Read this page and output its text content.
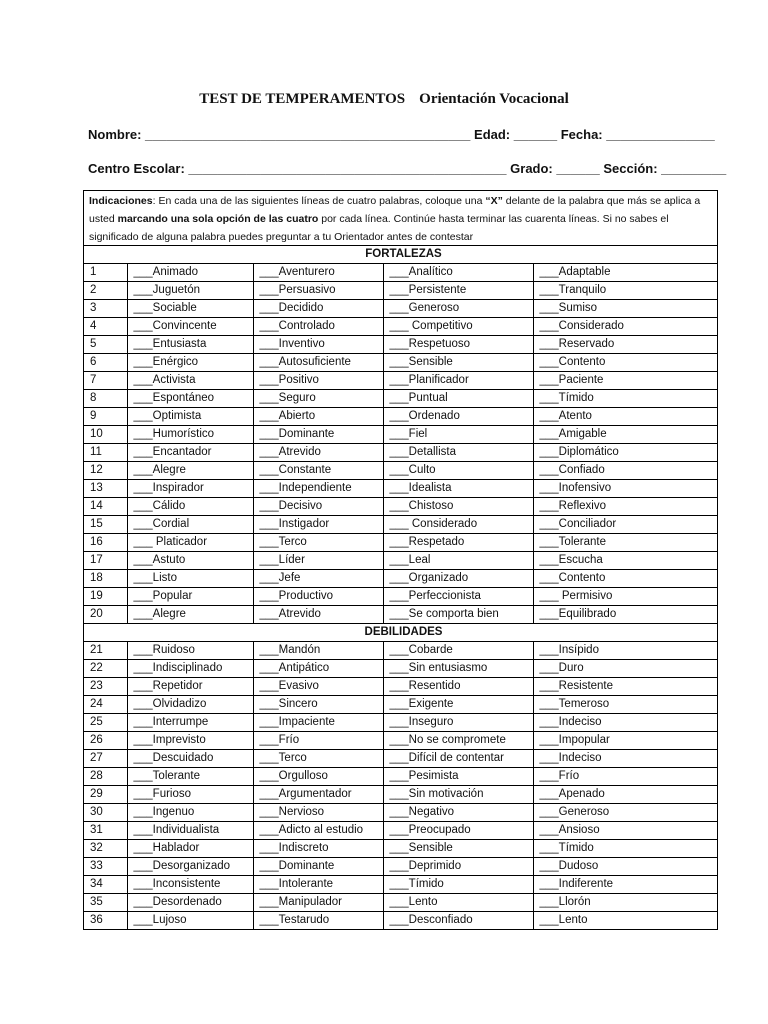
TEST DE TEMPERAMENTOS Orientación Vocacional
Nombre: _____________________________________________ Edad: ______ Fecha: _______________
Centro Escolar: ____________________________________________ Grado: ______ Sección: _________
Indicaciones: En cada una de las siguientes líneas de cuatro palabras, coloque una “X” delante de la palabra que más se aplica a usted marcando una sola opción de las cuatro por cada línea. Continúe hasta terminar las cuarenta líneas. Si no sabes el significado de alguna palabra puedes preguntar a tu Orientador antes de contestar
FORTALEZAS				
1	___Animado	___Aventurero	___Analítico	___Adaptable
2	___Juguetón	___Persuasivo	___Persistente	___Tranquilo
3	___Sociable	___Decidido	___Generoso	___Sumiso
4	___Convincente	___Controlado	___ Competitivo	___Considerado
5	___Entusiasta	___Inventivo	___Respetuoso	___Reservado
6	___Enérgico	___Autosuficiente	___Sensible	___Contento
7	___Activista	___Positivo	___Planificador	___Paciente
8	___Espontáneo	___Seguro	___Puntual	___Tímido
9	___Optimista	___Abierto	___Ordenado	___Atento
10	___Humorístico	___Dominante	___Fiel	___Amigable
11	___Encantador	___Atrevido	___Detallista	___Diplomático
12	___Alegre	___Constante	___Culto	___Confiado
13	___Inspirador	___Independiente	___Idealista	___Inofensivo
14	___Cálido	___Decisivo	___Chistoso	___Reflexivo
15	___Cordial	___Instigador	___ Considerado	___Conciliador
16	___ Platicador	___Terco	___Respetado	___Tolerante
17	___Astuto	___Líder	___Leal	___Escucha
18	___Listo	___Jefe	___Organizado	___Contento
19	___Popular	___Productivo	___Perfeccionista	___ Permisivo
20	___Alegre	___Atrevido	___Se comporta bien	___Equilibrado
DEBILIDADES				
21	___Ruidoso	___Mandón	___Cobarde	___Insípido
22	___Indisciplinado	___Antipático	___Sin entusiasmo	___Duro
23	___Repetidor	___Evasivo	___Resentido	___Resistente
24	___Olvidadizo	___Sincero	___Exigente	___Temeroso
25	___Interrumpe	___Impaciente	___Inseguro	___Indeciso
26	___Imprevisto	___Frío	___No se compromete	___Impopular
27	___Descuidado	___Terco	___Difícil de contentar	___Indeciso
28	___Tolerante	___Orgulloso	___Pesimista	___Frío
29	___Furioso	___Argumentador	___Sin motivación	___Apenado
30	___Ingenuo	___Nervioso	___Negativo	___Generoso
31	___Individualista	___Adicto al estudio	___Preocupado	___Ansioso
32	___Hablador	___Indiscreto	___Sensible	___Tímido
33	___Desorganizado	___Dominante	___Deprimido	___Dudoso
34	___Inconsistente	___Intolerante	___Tímido	___Indiferente
35	___Desordenado	___Manipulador	___Lento	___Llorón
36	___Lujoso	___Testarudo	___Desconfiado	___Lento
